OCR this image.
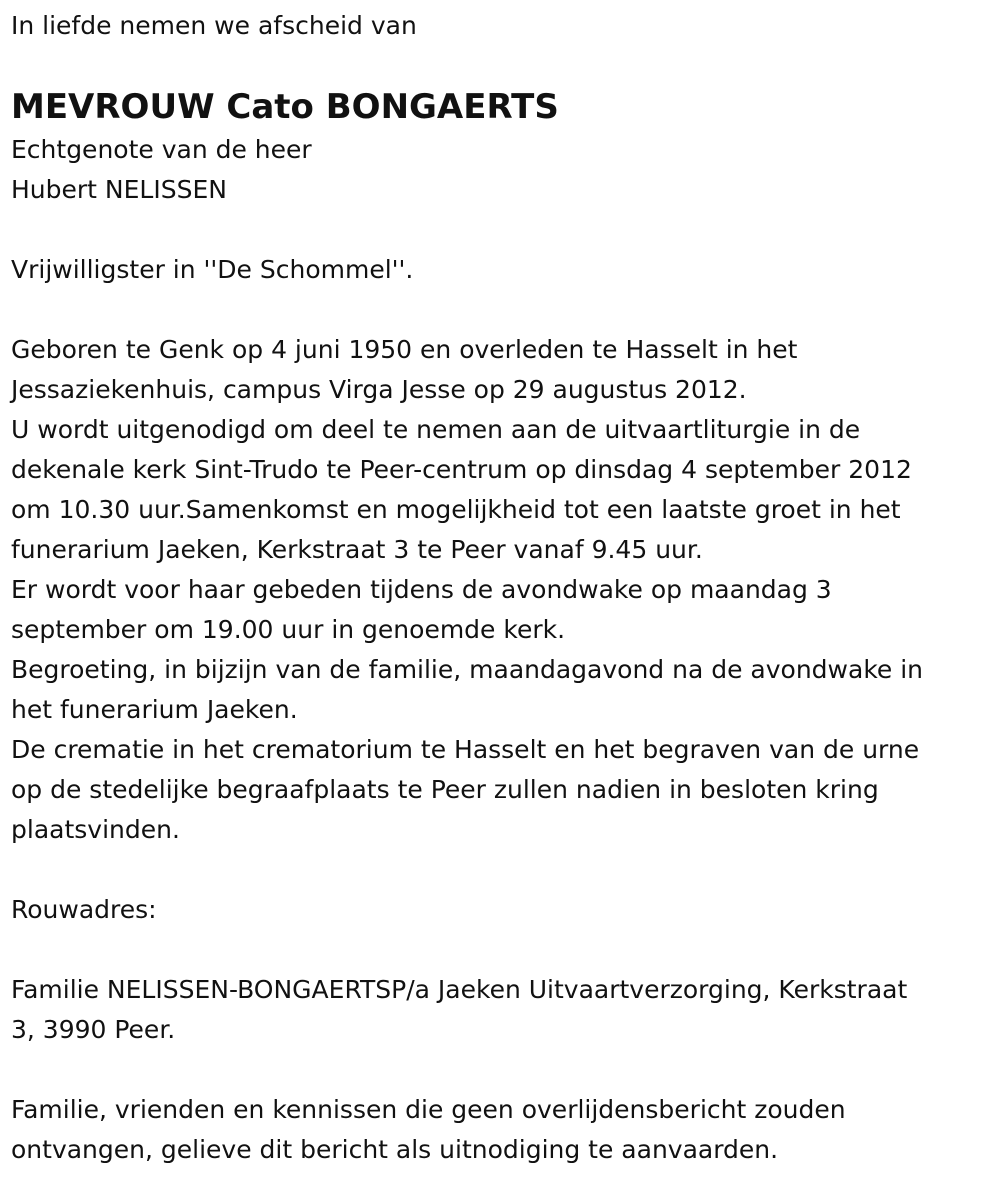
In liefde nemen we afscheid van

MEVROUW Cato BONGAERTS

Echtgenote van de heer

Hubert NELISSEN

Vrijwilligster in ''De Schommel''.

Geboren te Genk op 4 juni 1950 en overleden te Hasselt in het

Jessaziekenhuis, campus Virga Jesse op 29 augustus 2012.

U wordt uitgenodigd om deel te nemen aan de uitvaartliturgie in de

dekenale kerk Sint-Trudo te Peer-centrum op dinsdag 4 september 2012

om 10.30 uur.Samenkomst en mogelijkheid tot een laatste groet in het

funerarium Jaeken, Kerkstraat 3 te Peer vanaf 9.45 uur.

Er wordt voor haar gebeden tijdens de avondwake op maandag 3

september om 19.00 uur in genoemde kerk.

Begroeting, in bijzijn van de familie, maandagavond na de avondwake in

het funerarium Jaeken.

De crematie in het crematorium te Hasselt en het begraven van de urne

op de stedelijke begraafplaats te Peer zullen nadien in besloten kring

plaatsvinden.

Rouwadres:

Familie NELISSEN-BONGAERTSP/a Jaeken Uitvaartverzorging, Kerkstraat

3, 3990 Peer.

Familie, vrienden en kennissen die geen overlijdensbericht zouden

ontvangen, gelieve dit bericht als uitnodiging te aanvaarden.
